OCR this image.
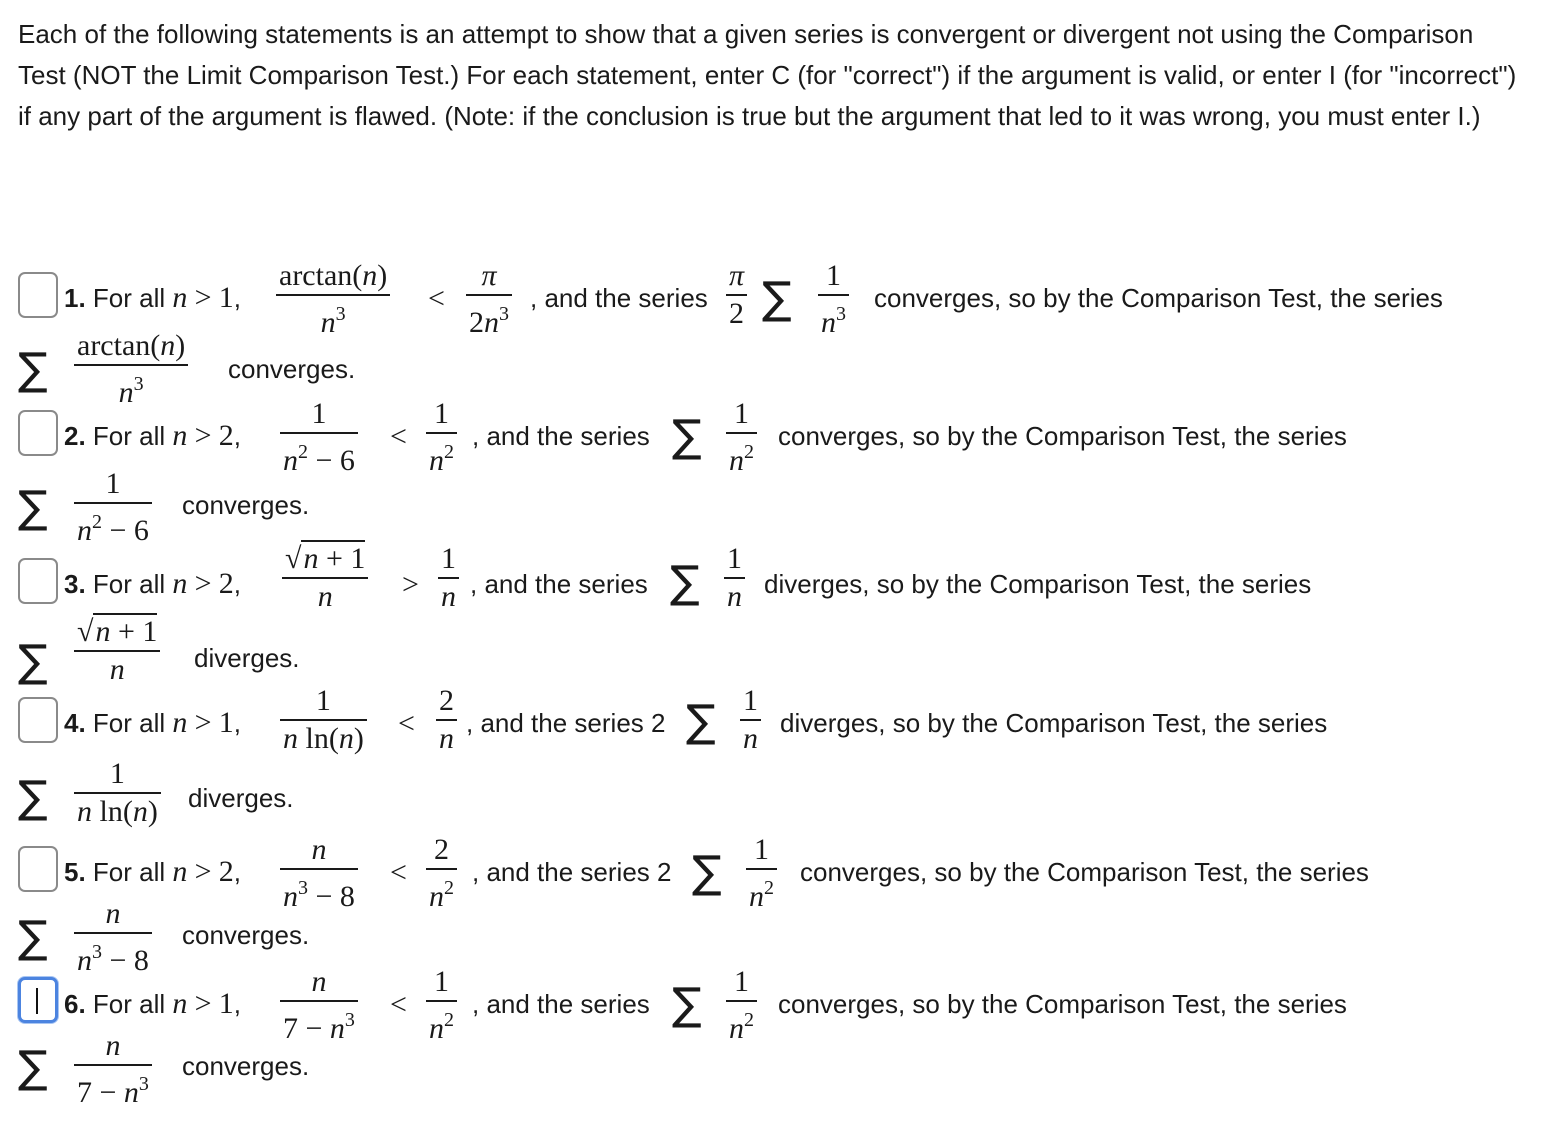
Each of the following statements is an attempt to show that a given series is convergent or divergent not using the Comparison Test (NOT the Limit Comparison Test.) For each statement, enter C (for "correct") if the argument is valid, or enter I (for "incorrect") if any part of the argument is flawed. (Note: if the conclusion is true but the argument that led to it was wrong, you must enter I.)

1. For all n > 1,
arctan(n)
$n^3$	<
π
$2n^3$
, and the series
π
2 ∑ 1
$n^3$
converges, so by the Comparison Test, the series
∑ arctan(n)
$n^3$	converges.
2. For all n > 2,
1
$n^2 - 6$
<
1
$n^2$
, and the series ∑ 1
$n^2$
converges, so by the Comparison Test, the series
∑ 1
$n^2 - 6$
converges.
3. For all n > 2,
√n + 1
n >
1
n , and the series ∑ 1
n diverges, so by the Comparison Test, the series
∑
√n + 1
n	diverges.
4. For all n > 1,
1
n ln(n) <
2
n , and the series 2 ∑ 1
n diverges, so by the Comparison Test, the series
∑ 1
n ln(n) diverges.
5. For all n > 2,
n
$n^3 - 8$
<
2
$n^2$
, and the series 2 ∑ 1
$n^2$
converges, so by the Comparison Test, the series
∑ n
$n^3 - 8$
converges.
6. For all n > 1,
n
$7 - n^3$ <
1
$n^2$
, and the series ∑ 1
$n^2$
converges, so by the Comparison Test, the series
∑ n
$7 - n^3$
converges.
